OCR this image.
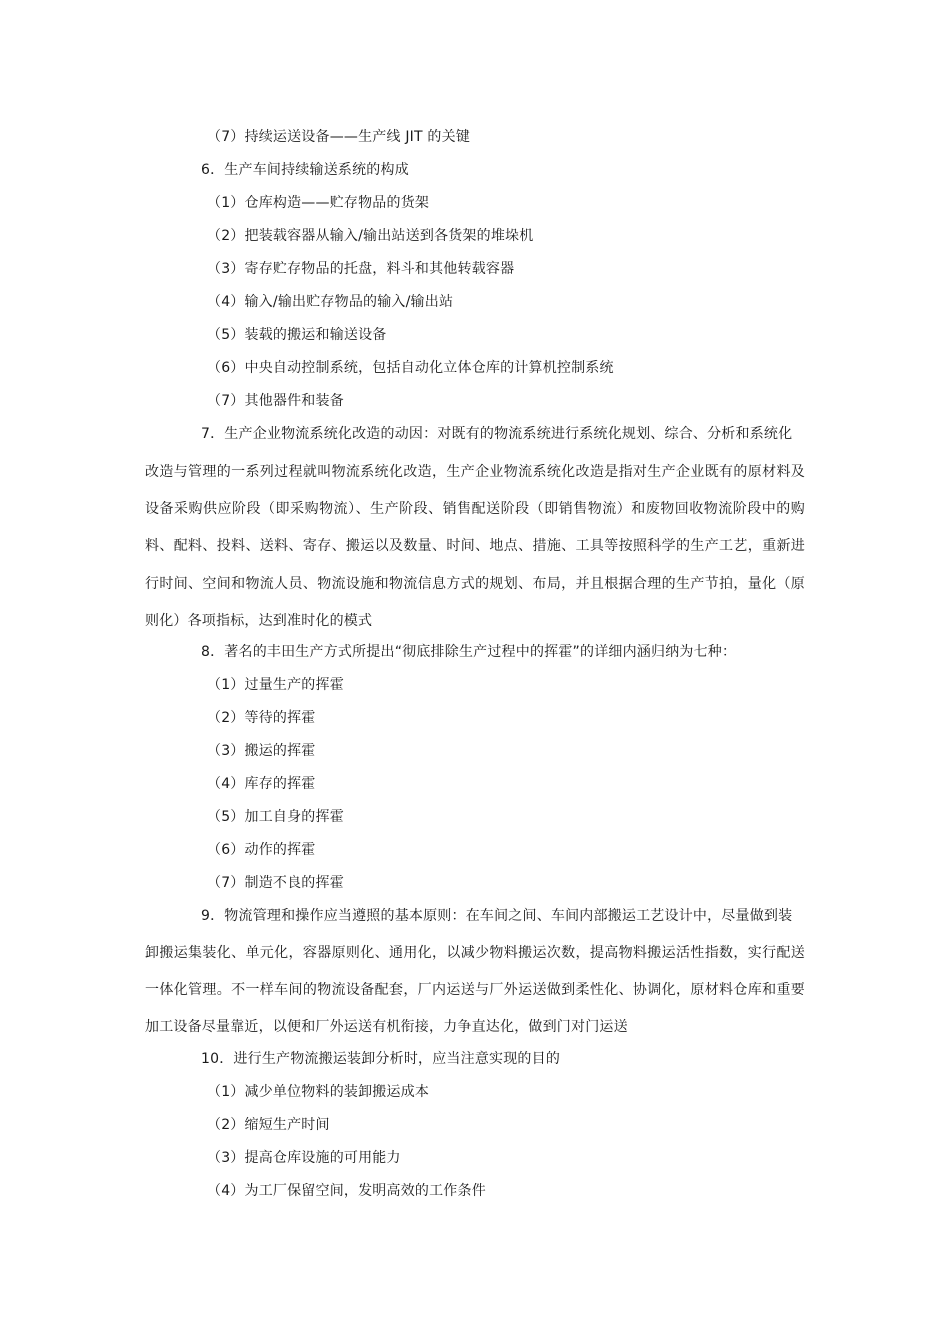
（7）持续运送设备——生产线 JIT 的关键
6．生产车间持续输送系统的构成
（1）仓库构造——贮存物品的货架
（2）把装载容器从输入/输出站送到各货架的堆垛机
（3）寄存贮存物品的托盘，料斗和其他转载容器
（4）输入/输出贮存物品的输入/输出站
（5）装载的搬运和输送设备
（6）中央自动控制系统，包括自动化立体仓库的计算机控制系统
（7）其他器件和装备
7．生产企业物流系统化改造的动因：对既有的物流系统进行系统化规划、综合、分析和系统化
改造与管理的一系列过程就叫物流系统化改造，生产企业物流系统化改造是指对生产企业既有的原材料及
设备采购供应阶段（即采购物流）、生产阶段、销售配送阶段（即销售物流）和废物回收物流阶段中的购
料、配料、投料、送料、寄存、搬运以及数量、时间、地点、措施、工具等按照科学的生产工艺，重新进
行时间、空间和物流人员、物流设施和物流信息方式的规划、布局，并且根据合理的生产节拍，量化（原
则化）各项指标，达到准时化的模式
8．著名的丰田生产方式所提出“彻底排除生产过程中的挥霍”的详细内涵归纳为七种：
（1）过量生产的挥霍
（2）等待的挥霍
（3）搬运的挥霍
（4）库存的挥霍
（5）加工自身的挥霍
（6）动作的挥霍
（7）制造不良的挥霍
9．物流管理和操作应当遵照的基本原则：在车间之间、车间内部搬运工艺设计中，尽量做到装
卸搬运集装化、单元化，容器原则化、通用化，以减少物料搬运次数，提高物料搬运活性指数，实行配送
一体化管理。不一样车间的物流设备配套，厂内运送与厂外运送做到柔性化、协调化，原材料仓库和重要
加工设备尽量靠近，以便和厂外运送有机衔接，力争直达化，做到门对门运送
10．进行生产物流搬运装卸分析时，应当注意实现的目的
（1）减少单位物料的装卸搬运成本
（2）缩短生产时间
（3）提高仓库设施的可用能力
（4）为工厂保留空间，发明高效的工作条件
